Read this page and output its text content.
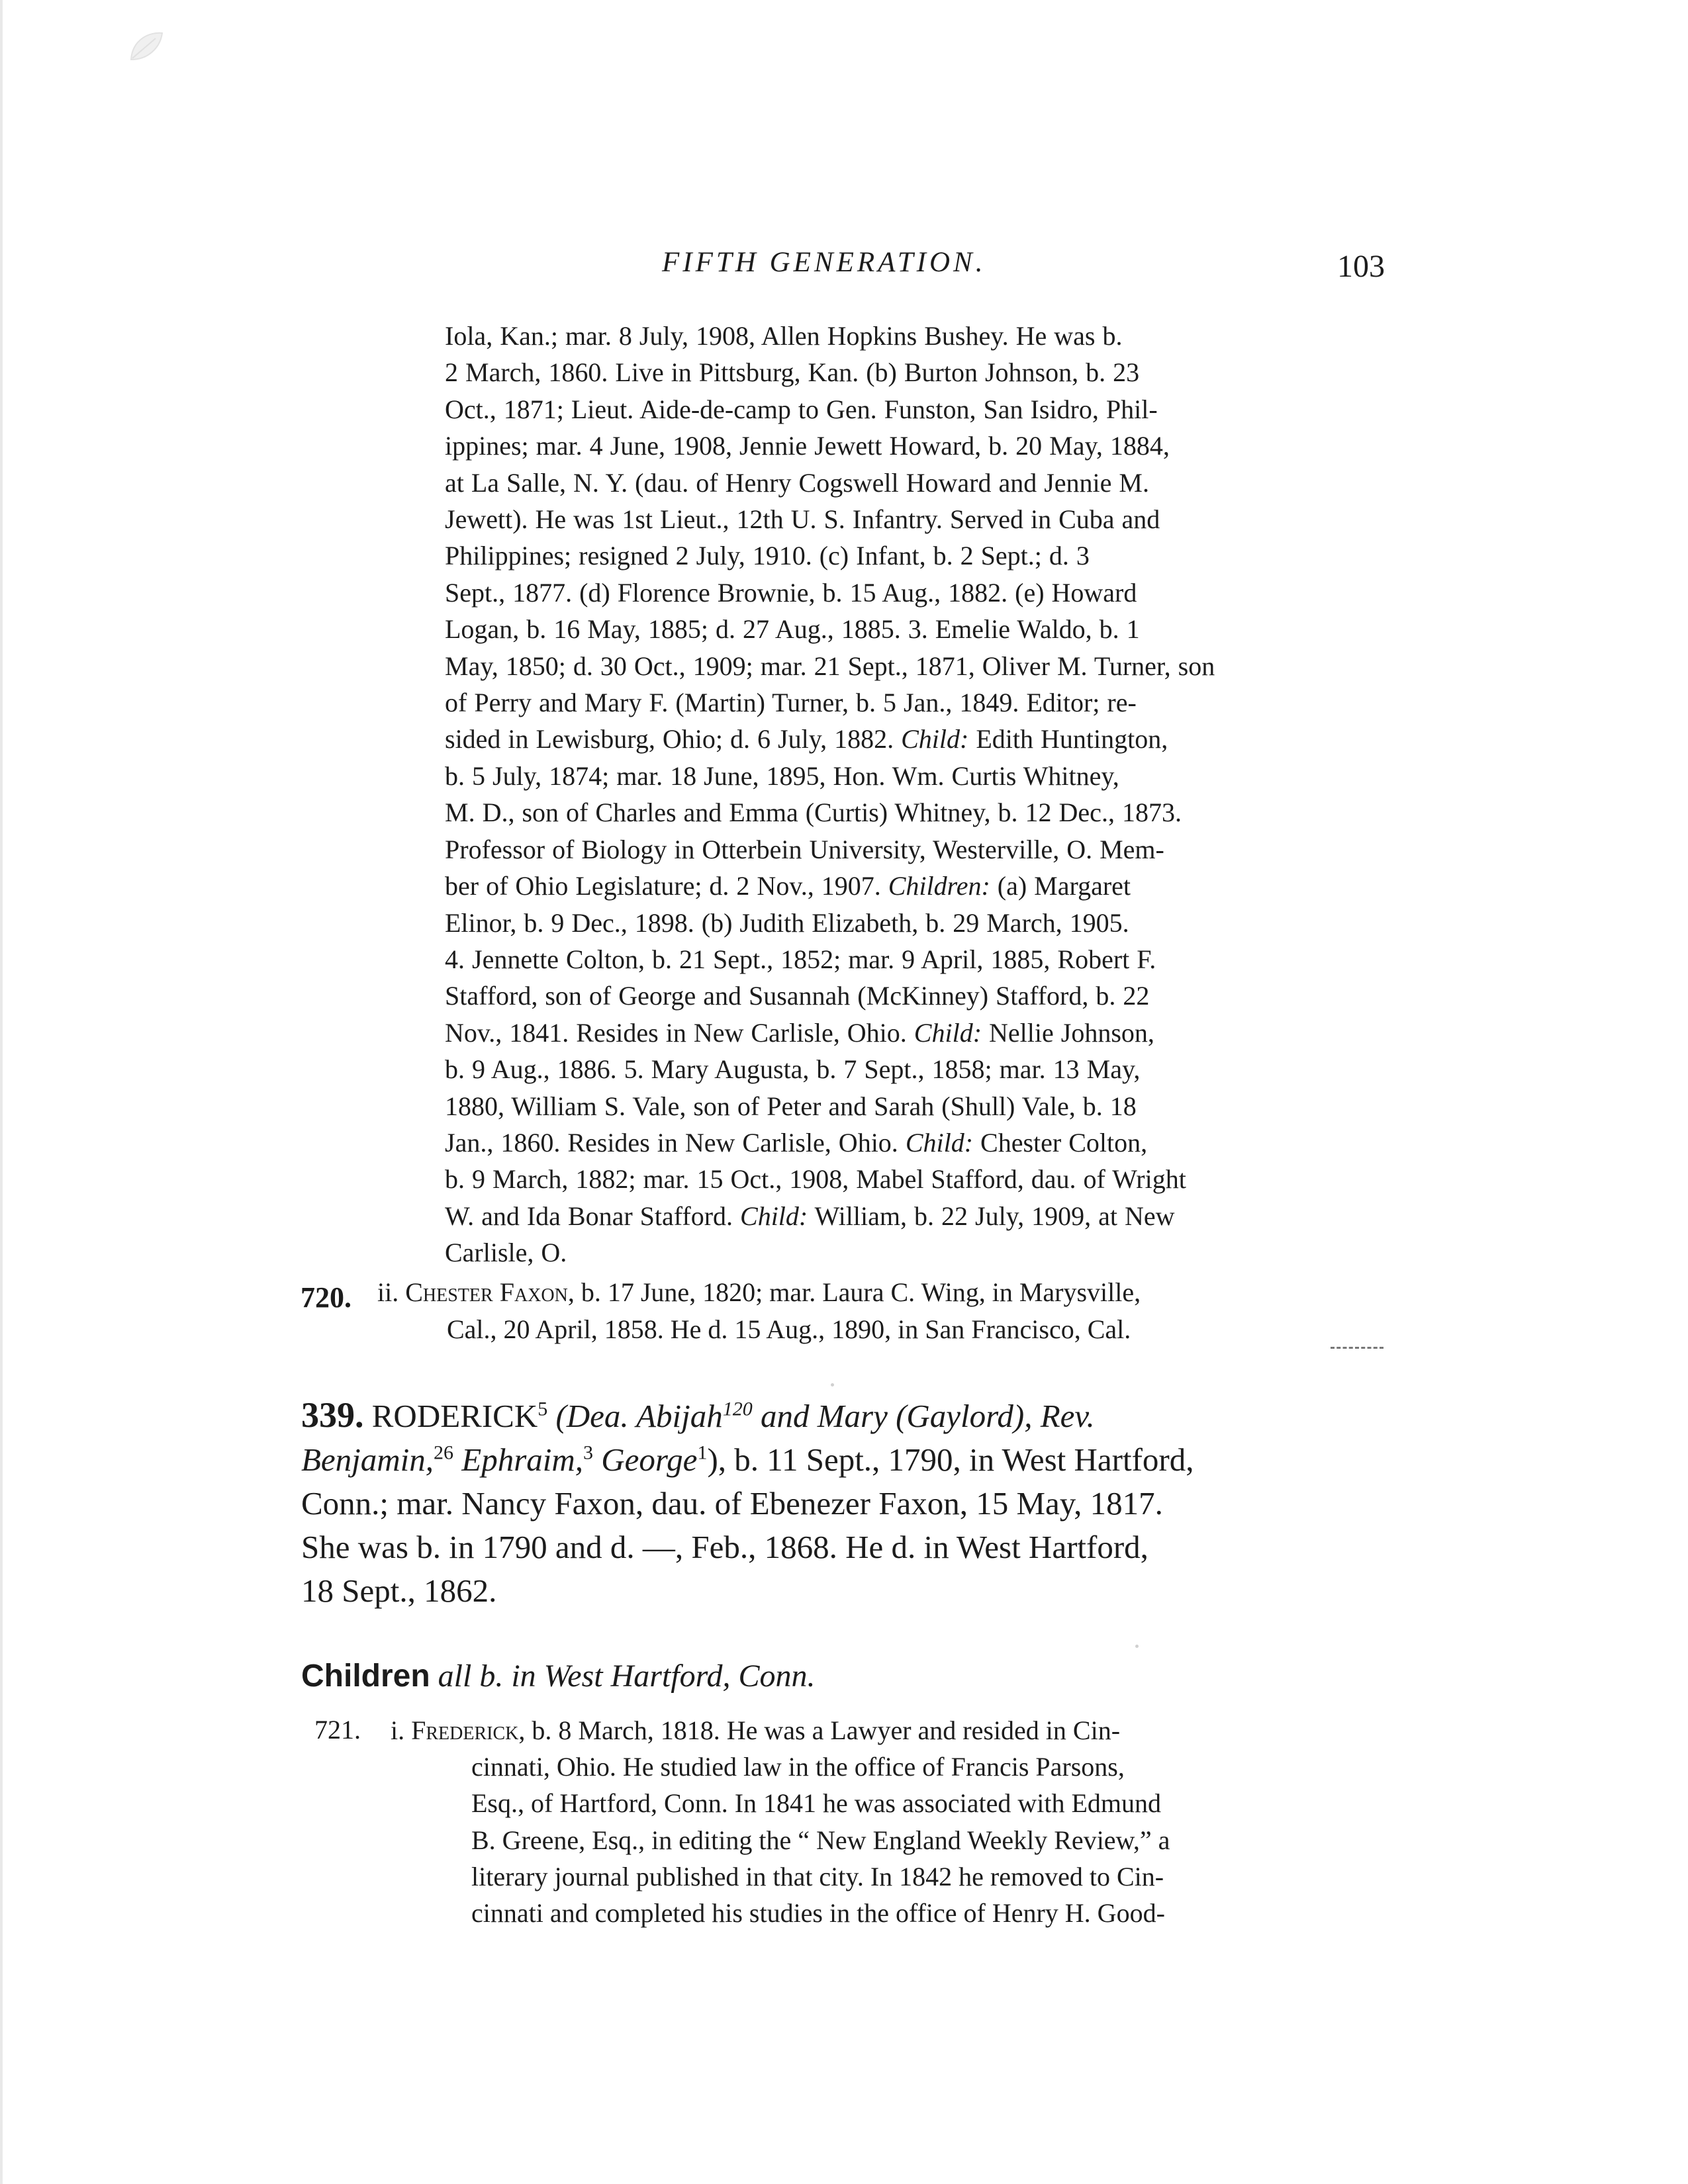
FIFTH GENERATION.	103

Iola, Kan.; mar. 8 July, 1908, Allen Hopkins Bushey. He was b.
2 March, 1860. Live in Pittsburg, Kan. (b) Burton Johnson, b. 23
Oct., 1871; Lieut. Aide-de-camp to Gen. Funston, San Isidro, Phil-
ippines; mar. 4 June, 1908, Jennie Jewett Howard, b. 20 May, 1884,
at La Salle, N. Y. (dau. of Henry Cogswell Howard and Jennie M.
Jewett). He was 1st Lieut., 12th U. S. Infantry. Served in Cuba and
Philippines; resigned 2 July, 1910. (c) Infant, b. 2 Sept.; d. 3
Sept., 1877. (d) Florence Brownie, b. 15 Aug., 1882. (e) Howard
Logan, b. 16 May, 1885; d. 27 Aug., 1885. 3. Emelie Waldo, b. 1
May, 1850; d. 30 Oct., 1909; mar. 21 Sept., 1871, Oliver M. Turner, son
of Perry and Mary F. (Martin) Turner, b. 5 Jan., 1849. Editor; re-
sided in Lewisburg, Ohio; d. 6 July, 1882. Child: Edith Huntington,
b. 5 July, 1874; mar. 18 June, 1895, Hon. Wm. Curtis Whitney,
M. D., son of Charles and Emma (Curtis) Whitney, b. 12 Dec., 1873.
Professor of Biology in Otterbein University, Westerville, O. Mem-
ber of Ohio Legislature; d. 2 Nov., 1907. Children: (a) Margaret
Elinor, b. 9 Dec., 1898. (b) Judith Elizabeth, b. 29 March, 1905.
4. Jennette Colton, b. 21 Sept., 1852; mar. 9 April, 1885, Robert F.
Stafford, son of George and Susannah (McKinney) Stafford, b. 22
Nov., 1841. Resides in New Carlisle, Ohio. Child: Nellie Johnson,
b. 9 Aug., 1886. 5. Mary Augusta, b. 7 Sept., 1858; mar. 13 May,
1880, William S. Vale, son of Peter and Sarah (Shull) Vale, b. 18
Jan., 1860. Resides in New Carlisle, Ohio. Child: Chester Colton,
b. 9 March, 1882; mar. 15 Oct., 1908, Mabel Stafford, dau. of Wright
W. and Ida Bonar Stafford. Child: William, b. 22 July, 1909, at New
Carlisle, O.

720. ii. Chester Faxon, b. 17 June, 1820; mar. Laura C. Wing, in Marysville,
Cal., 20 April, 1858. He d. 15 Aug., 1890, in San Francisco, Cal.

339. RODERICK$^5$ (Dea. Abijah$^{120}$ and Mary (Gaylord), Rev.
Benjamin,$^{26}$ Ephraim,$^3$ George$^1$), b. 11 Sept., 1790, in West Hartford,
Conn.; mar. Nancy Faxon, dau. of Ebenezer Faxon, 15 May, 1817.
She was b. in 1790 and d. —, Feb., 1868. He d. in West Hartford,
18 Sept., 1862.

Children all b. in West Hartford, Conn.
721. i. Frederick, b. 8 March, 1818. He was a Lawyer and resided in Cin-
cinnati, Ohio. He studied law in the office of Francis Parsons,
Esq., of Hartford, Conn. In 1841 he was associated with Edmund
B. Greene, Esq., in editing the “ New England Weekly Review,” a
literary journal published in that city. In 1842 he removed to Cin-
cinnati and completed his studies in the office of Henry H. Good-
